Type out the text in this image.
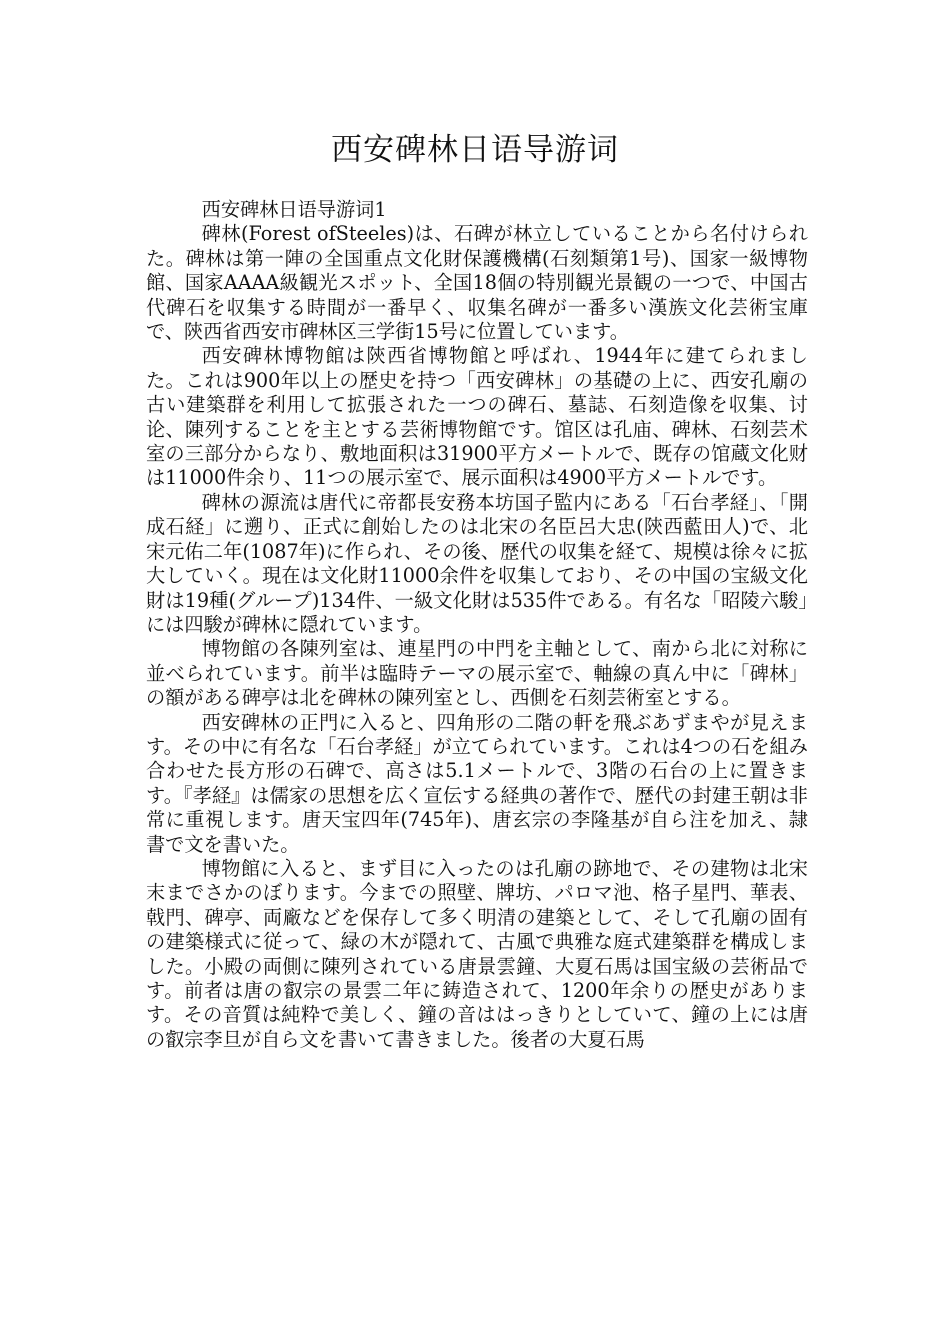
西安碑林日语导游词

西安碑林日语导游词1

碑林(Forest ofSteeles)は、石碑が林立していることから名付けられた。碑林は第一陣の全国重点文化財保護機構(石刻類第1号)、国家一級博物館、国家AAAA級観光スポット、全国18個の特別観光景観の一つで、中国古代碑石を収集する時間が一番早く、収集名碑が一番多い漢族文化芸術宝庫で、陝西省西安市碑林区三学街15号に位置しています。

西安碑林博物館は陝西省博物館と呼ばれ、1944年に建てられました。これは900年以上の歴史を持つ「西安碑林」の基礎の上に、西安孔廟の古い建築群を利用して拡張された一つの碑石、墓誌、石刻造像を収集、讨论、陳列することを主とする芸術博物館です。馆区は孔庙、碑林、石刻芸术室の三部分からなり、敷地面积は31900平方メートルで、既存の馆蔵文化财は11000件余り、11つの展示室で、展示面积は4900平方メートルです。

碑林の源流は唐代に帝都長安務本坊国子監内にある「石台孝経」、「開成石経」に遡り、正式に創始したのは北宋の名臣呂大忠(陝西藍田人)で、北宋元佑二年(1087年)に作られ、その後、歴代の収集を経て、規模は徐々に拡大していく。現在は文化財11000余件を収集しており、その中国の宝級文化財は19種(グループ)134件、一級文化財は535件である。有名な「昭陵六駿」には四駿が碑林に隠れています。

博物館の各陳列室は、連星門の中門を主軸として、南から北に対称に並べられています。前半は臨時テーマの展示室で、軸線の真ん中に「碑林」の額がある碑亭は北を碑林の陳列室とし、西側を石刻芸術室とする。

西安碑林の正門に入ると、四角形の二階の軒を飛ぶあずまやが見えます。その中に有名な「石台孝経」が立てられています。これは4つの石を組み合わせた長方形の石碑で、高さは5.1メートルで、3階の石台の上に置きます。『孝経』は儒家の思想を広く宣伝する経典の著作で、歴代の封建王朝は非常に重視します。唐天宝四年(745年)、唐玄宗の李隆基が自ら注を加え、隷書で文を書いた。

博物館に入ると、まず目に入ったのは孔廟の跡地で、その建物は北宋末までさかのぼります。今までの照壁、牌坊、パロマ池、格子星門、華表、戟門、碑亭、両廠などを保存して多く明清の建築として、そして孔廟の固有の建築様式に従って、緑の木が隠れて、古風で典雅な庭式建築群を構成しました。小殿の両側に陳列されている唐景雲鐘、大夏石馬は国宝級の芸術品です。前者は唐の叡宗の景雲二年に鋳造されて、1200年余りの歴史があります。その音質は純粋で美しく、鐘の音ははっきりとしていて、鐘の上には唐の叡宗李旦が自ら文を書いて書きました。後者の大夏石馬
